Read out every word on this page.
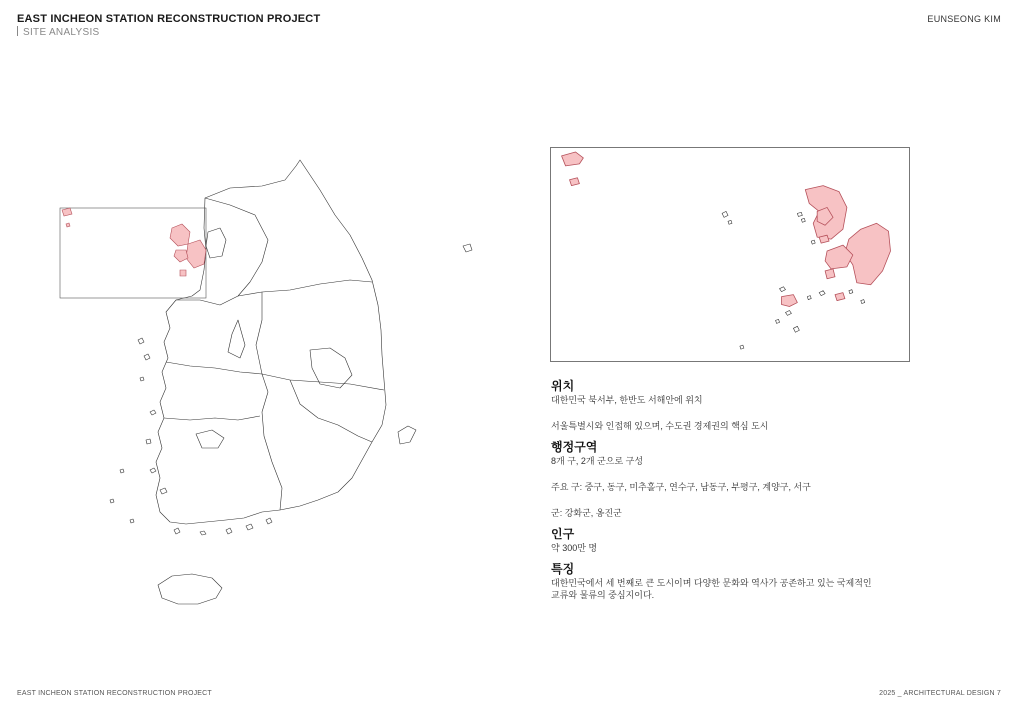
EAST INCHEON STATION RECONSTRUCTION PROJECT
SITE ANALYSIS
EUNSEONG KIM
위치
대한민국 북서부, 한반도 서해안에 위치
서울특별시와 인접해 있으며, 수도권 경제권의 핵심 도시
행정구역
8개 구, 2개 군으로 구성
주요 구: 중구, 동구, 미추홀구, 연수구, 남동구, 부평구, 계양구, 서구
군: 강화군, 옹진군
인구
약 300만 명
특징
대한민국에서 세 번째로 큰 도시이며 다양한 문화와 역사가 공존하고 있는 국제적인
교류와 물류의 중심지이다.
EAST INCHEON STATION RECONSTRUCTION PROJECT	2025 _ ARCHITECTURAL DESIGN 7
